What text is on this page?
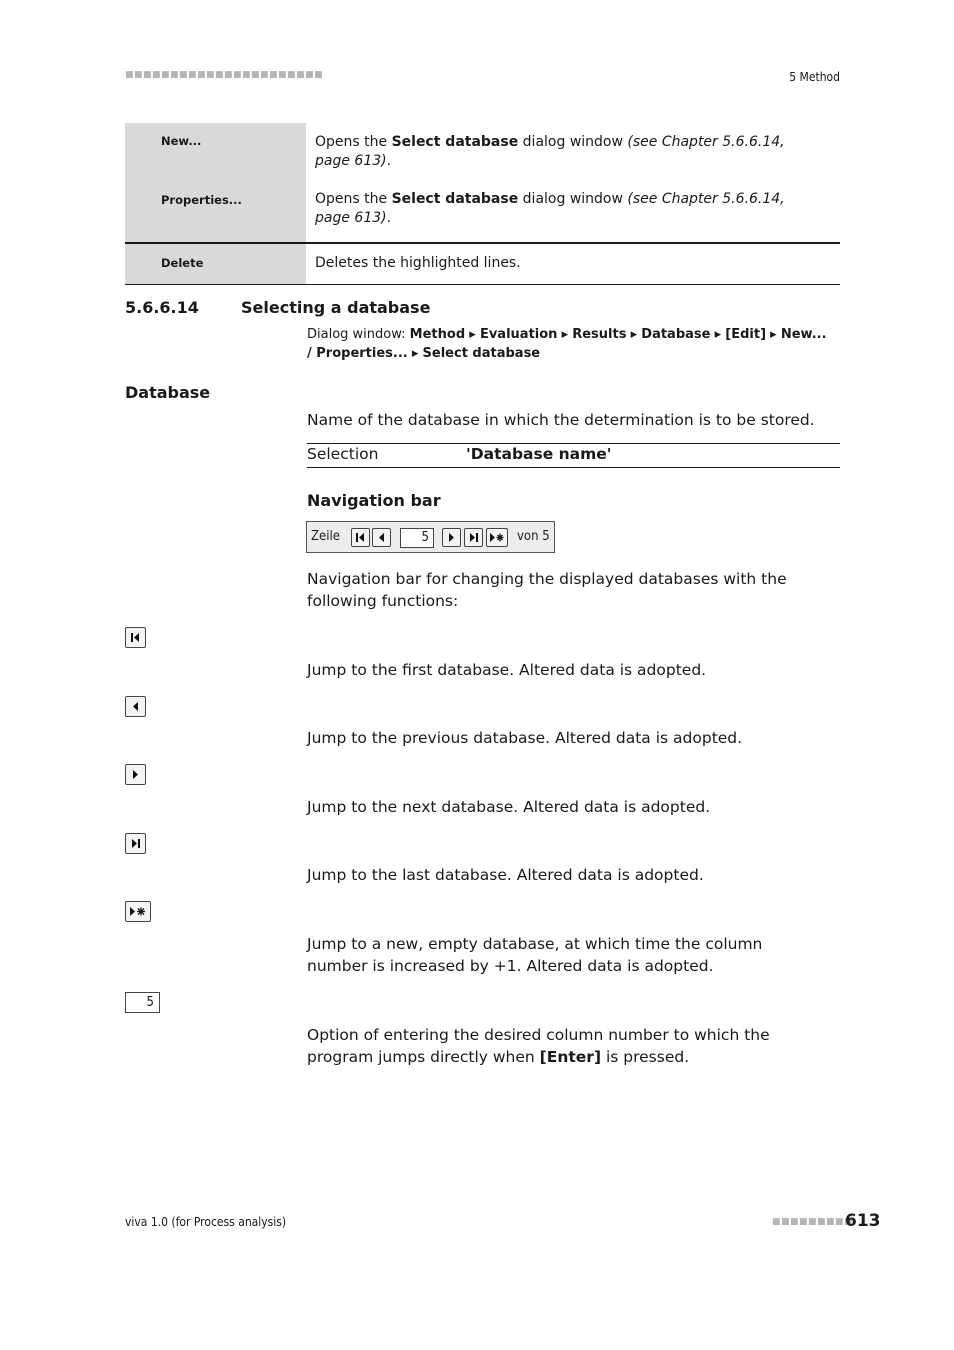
■■■■■■■■■■■■■■■■■■■■■■	5 Method
New...	Opens the Select database dialog window (see Chapter 5.6.6.14, page 613).
Properties...	Opens the Select database dialog window (see Chapter 5.6.6.14, page 613).
Delete	Deletes the highlighted lines.
5.6.6.14	Selecting a database
Dialog window: Method ▸ Evaluation ▸ Results ▸ Database ▸ [Edit] ▸ New... / Properties... ▸ Select database
Database
Name of the database in which the determination is to be stored.
Selection	'Database name'
Navigation bar
Zeile	5	von 5
Navigation bar for changing the displayed databases with the following functions:
Jump to the first database. Altered data is adopted.
Jump to the previous database. Altered data is adopted.
Jump to the next database. Altered data is adopted.
Jump to the last database. Altered data is adopted.
Jump to a new, empty database, at which time the column number is increased by +1. Altered data is adopted.
5
Option of entering the desired column number to which the program jumps directly when [Enter] is pressed.
viva 1.0 (for Process analysis)	■■■■■■■■■
613
